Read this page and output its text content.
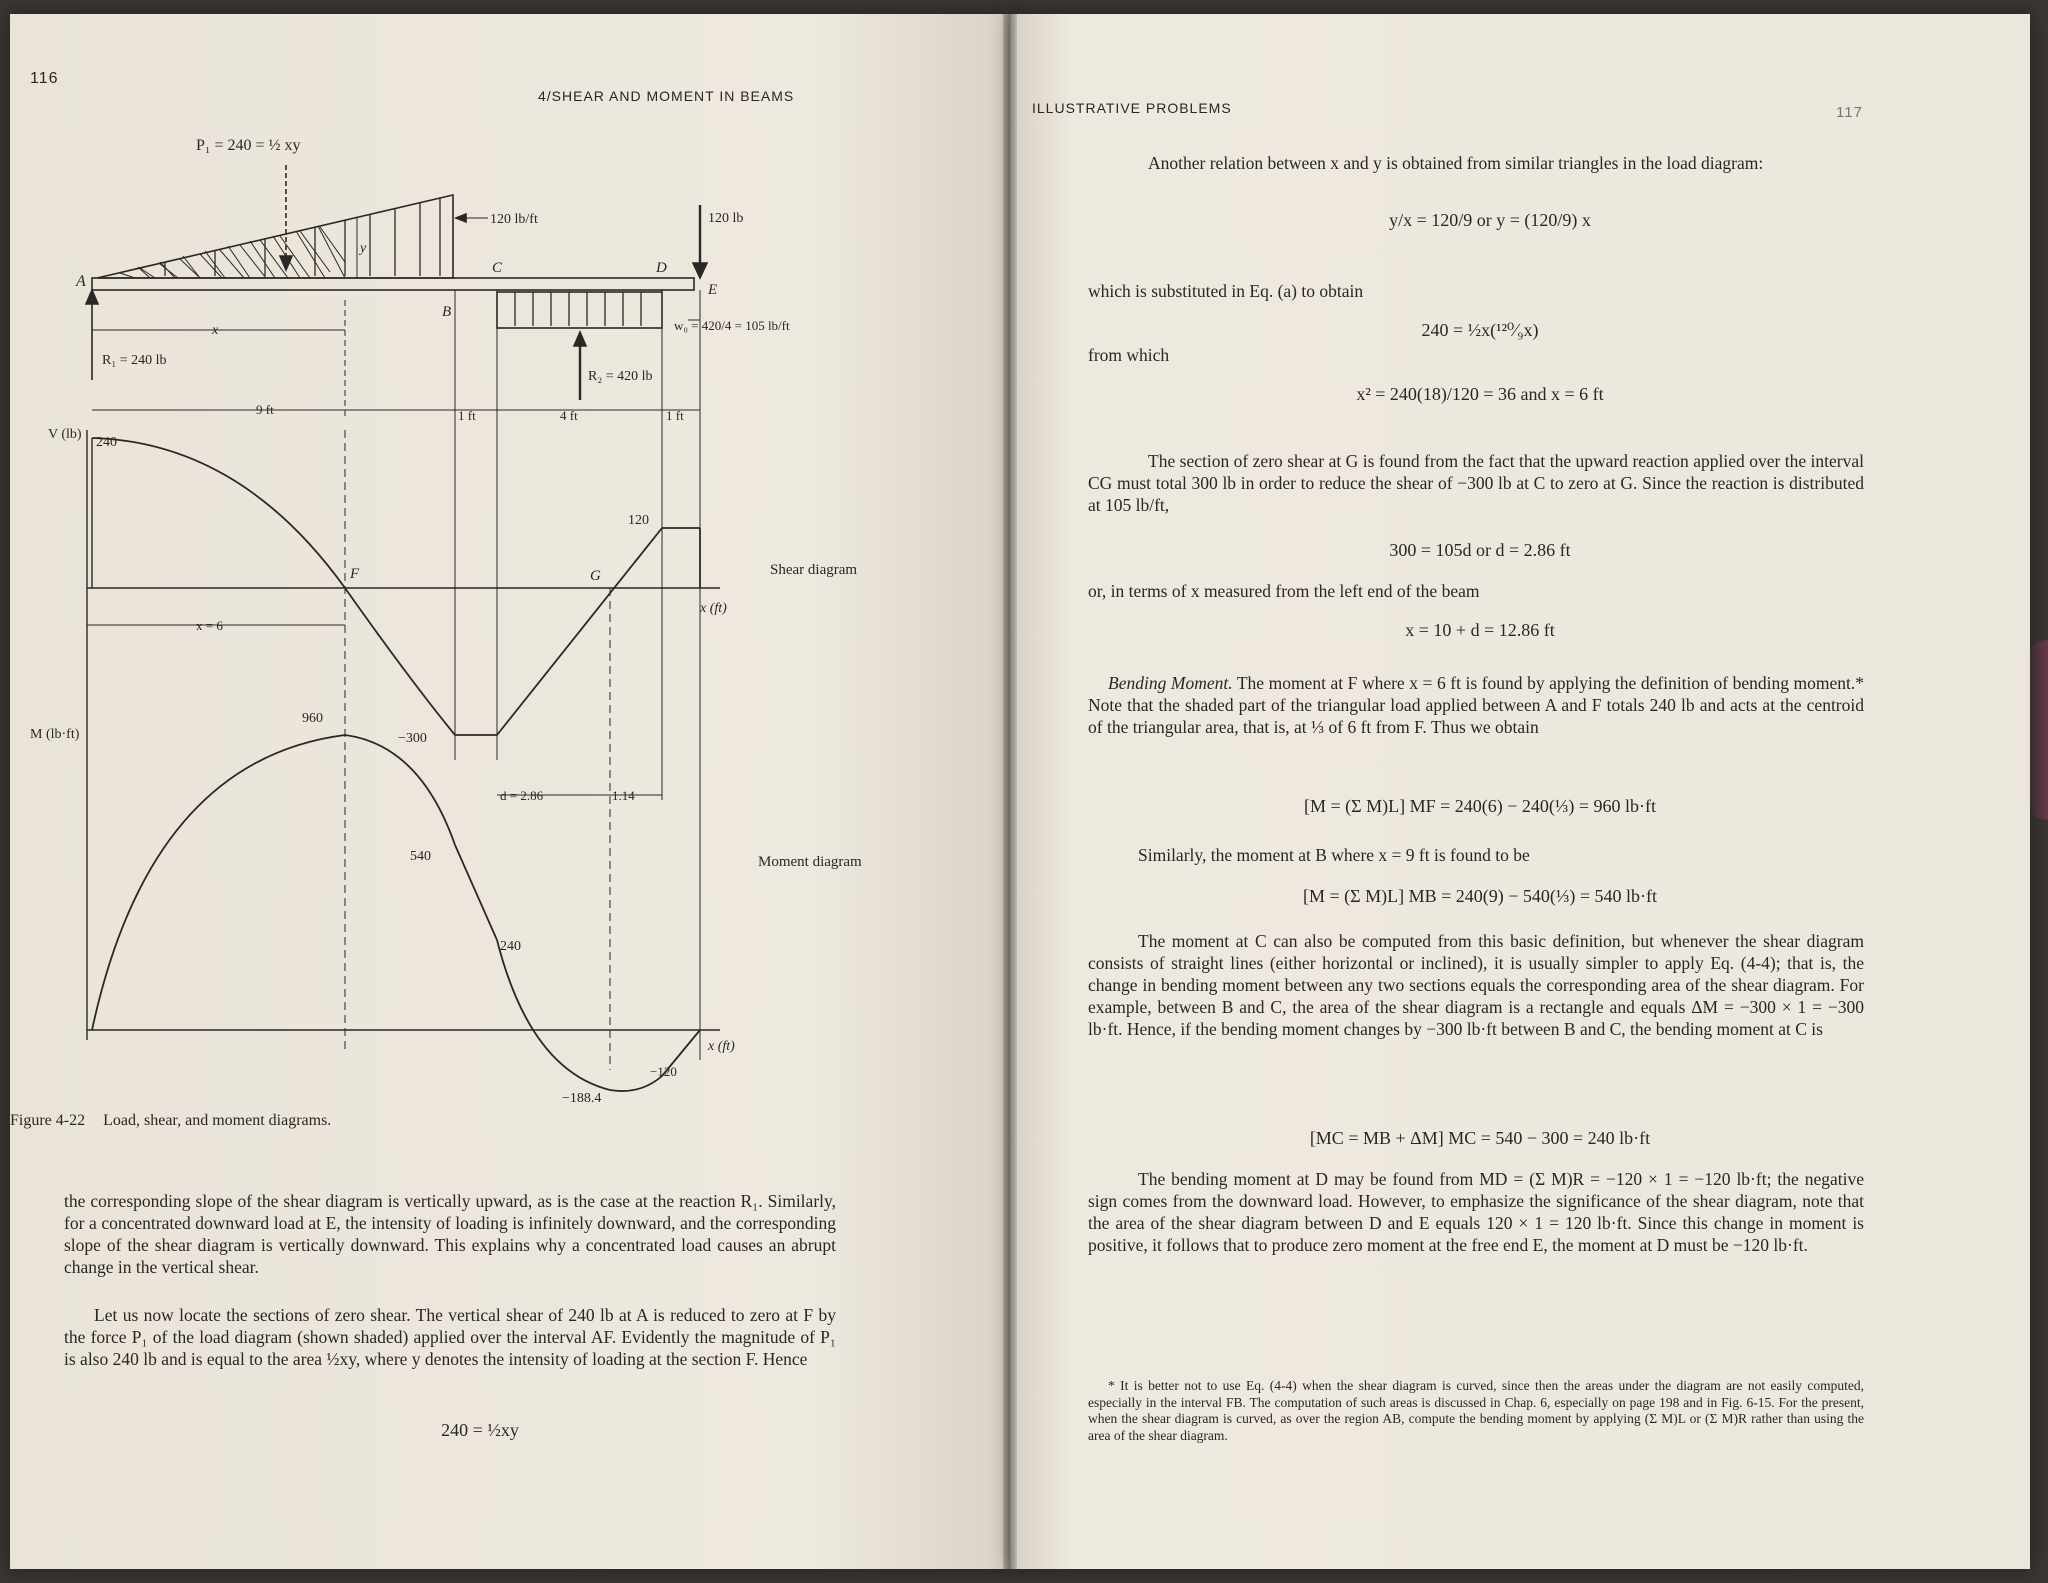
116
4/SHEAR AND MOMENT IN BEAMS
P₁ = 240 = ½ xy
120 lb/ft	120 lb
A
B
C	D
E
y
x
R₁ = 240 lb
R₂ = 420 lb
w₀ = 420/4 = 105 lb/ft
9 ft	1 ft	4 ft	1 ft
V (lb)
240
120
−300
F	G
x = 6
x (ft)
Shear diagram
d = 2.86	1.14
M (lb·ft)
960
540
240
−120
−188.4
x (ft)
Moment diagram
Figure 4-22 Load, shear, and moment diagrams.
the corresponding slope of the shear diagram is vertically upward, as is the case at the reaction R₁. Similarly, for a concentrated downward load at E, the intensity of loading is infinitely downward, and the corresponding slope of the shear diagram is vertically downward. This explains why a concentrated load causes an abrupt change in the vertical shear.
Let us now locate the sections of zero shear. The vertical shear of 240 lb at A is reduced to zero at F by the force P₁ of the load diagram (shown shaded) applied over the interval AF. Evidently the magnitude of P₁ is also 240 lb and is equal to the area ½xy, where y denotes the intensity of loading at the section F. Hence
240 = ½xy
ILLUSTRATIVE PROBLEMS	117
Another relation between x and y is obtained from similar triangles in the load diagram:
y/x = 120/9 or y = (120/9) x
which is substituted in Eq. (a) to obtain
240 = ½x(¹²⁰⁄₉x)
from which
x² = 240(18)/120 = 36 and x = 6 ft
The section of zero shear at G is found from the fact that the upward reaction applied over the interval CG must total 300 lb in order to reduce the shear of −300 lb at C to zero at G. Since the reaction is distributed at 105 lb/ft,
300 = 105d or d = 2.86 ft
or, in terms of x measured from the left end of the beam
x = 10 + d = 12.86 ft
Bending Moment. The moment at F where x = 6 ft is found by applying the definition of bending moment.* Note that the shaded part of the triangular load applied between A and F totals 240 lb and acts at the centroid of the triangular area, that is, at ⅓ of 6 ft from F. Thus we obtain
[M = (Σ M)L] MF = 240(6) − 240(⅓) = 960 lb·ft
Similarly, the moment at B where x = 9 ft is found to be
[M = (Σ M)L] MB = 240(9) − 540(⅓) = 540 lb·ft
The moment at C can also be computed from this basic definition, but whenever the shear diagram consists of straight lines (either horizontal or inclined), it is usually simpler to apply Eq. (4-4); that is, the change in bending moment between any two sections equals the corresponding area of the shear diagram. For example, between B and C, the area of the shear diagram is a rectangle and equals ΔM = −300 × 1 = −300 lb·ft. Hence, if the bending moment changes by −300 lb·ft between B and C, the bending moment at C is
[MC = MB + ΔM] MC = 540 − 300 = 240 lb·ft
The bending moment at D may be found from MD = (Σ M)R = −120 × 1 = −120 lb·ft; the negative sign comes from the downward load. However, to emphasize the significance of the shear diagram, note that the area of the shear diagram between D and E equals 120 × 1 = 120 lb·ft. Since this change in moment is positive, it follows that to produce zero moment at the free end E, the moment at D must be −120 lb·ft.
* It is better not to use Eq. (4-4) when the shear diagram is curved, since then the areas under the diagram are not easily computed, especially in the interval FB. The computation of such areas is discussed in Chap. 6, especially on page 198 and in Fig. 6-15. For the present, when the shear diagram is curved, as over the region AB, compute the bending moment by applying (Σ M)L or (Σ M)R rather than using the area of the shear diagram.
